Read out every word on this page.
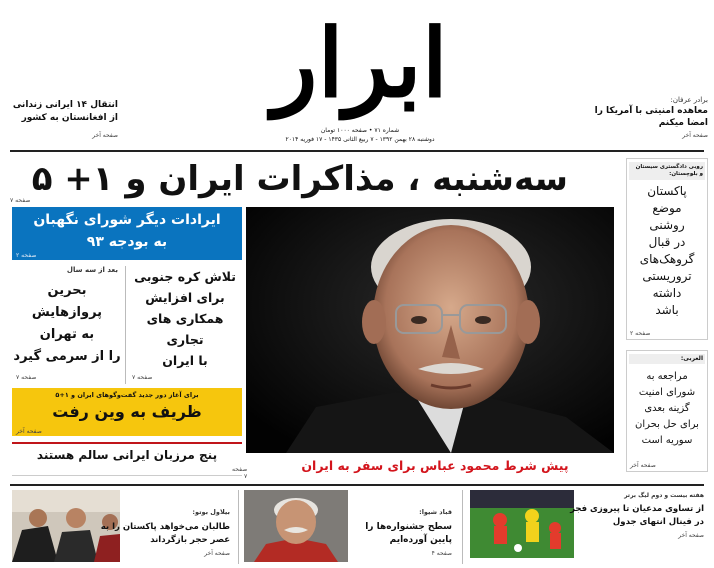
ابرار
شماره ۷۱ • صفحه ۱۰۰۰ تومان
دوشنبه ۲۸ بهمن ۱۳۹۲ - ۷ ربیع الثانی ۱۴۳۵ - ۱۷ فوریه ۲۰۱۴
برادر عرفان:
معاهده امنیتی با آمریکا را
امضا میکنم
صفحه آخر
انتقال ۱۴ ایرانی زندانی
از افغانستان به کشور
صفحه آخر
سه‌شنبه ، مذاکرات ایران و ۱+ ۵
صفحه ۷
روبی دادگستری سیستان و بلوچستان:
پاکستان
موضع
روشنی
در قبال
گروهک‌های
تروریستی
داشته
باشد
صفحه ۲
العربی:
مراجعه به
شورای امنیت
گزینه بعدی
برای حل بحران
سوریه است
صفحه آخر
پیش شرط محمود عباس برای سفر به ایران
ایرادات دیگر شورای نگهبان
به بودجه ۹۳
صفحه ۲
تلاش کره جنوبی
برای افزایش
همکاری های
تجاری
با ایران
صفحه ۷
بعد از سه سال
بحرین
پروازهایش
به تهران
را از سرمی گیرد
صفحه ۷
برای آغاز دور جدید گفت‌وگوهای ایران و ۱+۵
ظریف به وین رفت
صفحه آخر
پنج مرزبان ایرانی سالم هستند
صفحه ۷
هفته بیست و دوم لیگ برتر
از تساوی مدعیان تا پیروزی فجر
در فینال انتهای جدول
صفحه آخر
قباد شیوا:
سطح جشنواره‌ها را
پایین آورده‌ایم
صفحه ۴
بیلاول بوتو:
طالبان می‌خواهد پاکستان را به
عصر حجر بازگرداند
صفحه آخر
